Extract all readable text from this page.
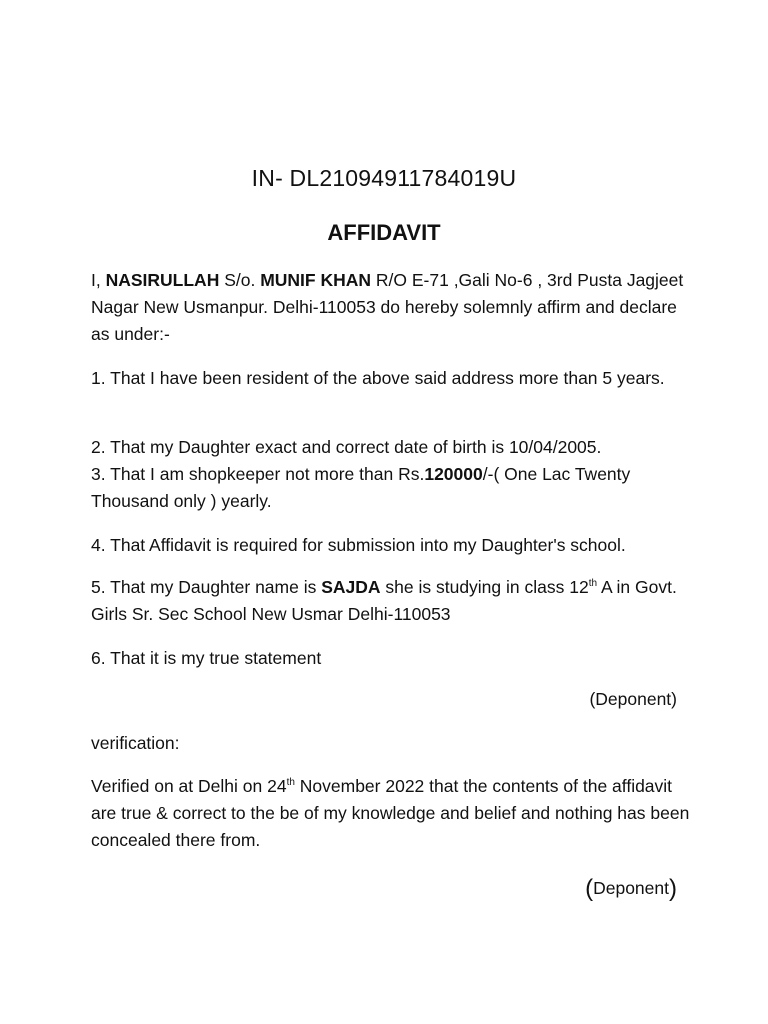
IN- DL21094911784019U
AFFIDAVIT
I, NASIRULLAH S/o. MUNIF KHAN R/O E-71 ,Gali No-6 , 3rd Pusta Jagjeet Nagar New Usmanpur. Delhi-110053 do hereby solemnly affirm and declare as under:-
1. That I have been resident of the above said address more than 5 years.
2. That my Daughter exact and correct date of birth is 10/04/2005.
3. That I am shopkeeper not more than Rs.120000/-( One Lac Twenty Thousand only ) yearly.
4. That Affidavit is required for submission into my Daughter's school.
5. That my Daughter name is SAJDA she is studying in class 12th A in Govt. Girls Sr. Sec School New Usmar Delhi-110053
6. That it is my true statement
(Deponent)
verification:
Verified on at Delhi on 24th November 2022 that the contents of the affidavit are true & correct to the be of my knowledge and belief and nothing has been concealed there from.
(Deponent)
